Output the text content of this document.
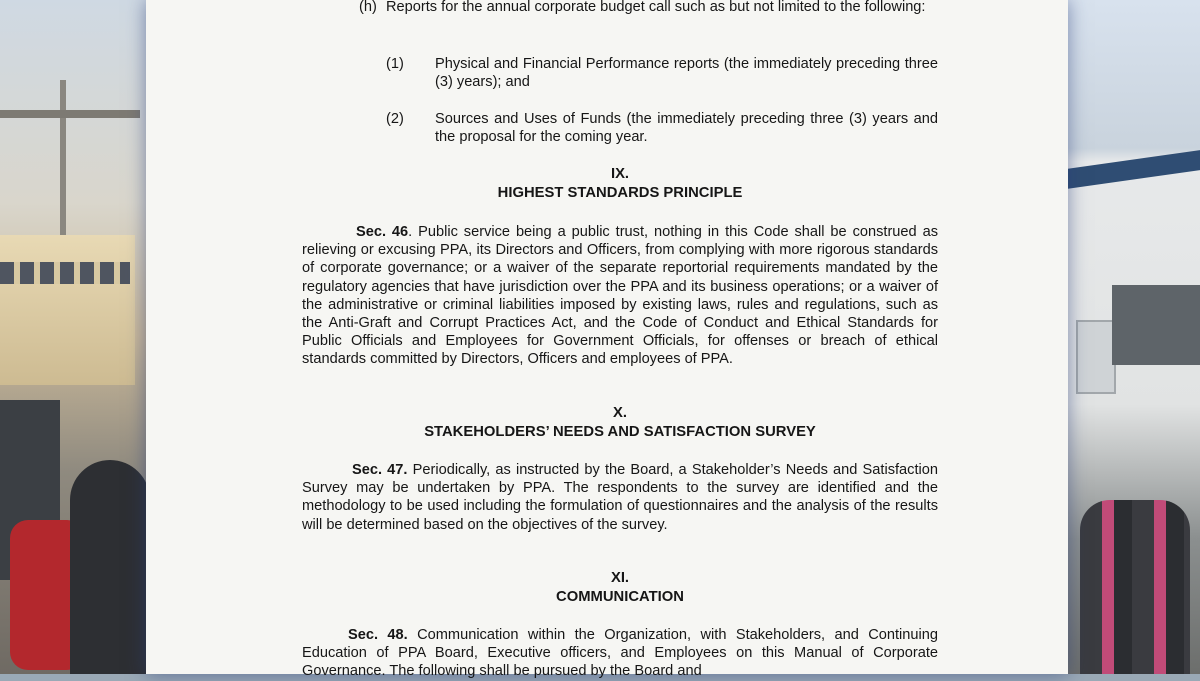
(h) Reports for the annual corporate budget call such as but not limited to the following:

(1) Physical and Financial Performance reports (the immediately preceding three (3) years); and

(2) Sources and Uses of Funds (the immediately preceding three (3) years and the proposal for the coming year.

IX.
HIGHEST STANDARDS PRINCIPLE

Sec. 46. Public service being a public trust, nothing in this Code shall be construed as relieving or excusing PPA, its Directors and Officers, from complying with more rigorous standards of corporate governance; or a waiver of the separate reportorial requirements mandated by the regulatory agencies that have jurisdiction over the PPA and its business operations; or a waiver of the administrative or criminal liabilities imposed by existing laws, rules and regulations, such as the Anti-Graft and Corrupt Practices Act, and the Code of Conduct and Ethical Standards for Public Officials and Employees for Government Officials, for offenses or breach of ethical standards committed by Directors, Officers and employees of PPA.

X.
STAKEHOLDERS’ NEEDS AND SATISFACTION SURVEY

Sec. 47. Periodically, as instructed by the Board, a Stakeholder’s Needs and Satisfaction Survey may be undertaken by PPA. The respondents to the survey are identified and the methodology to be used including the formulation of questionnaires and the analysis of the results will be determined based on the objectives of the survey.

XI.
COMMUNICATION

Sec. 48. Communication within the Organization, with Stakeholders, and Continuing Education of PPA Board, Executive officers, and Employees on this Manual of Corporate Governance. The following shall be pursued by the Board and
